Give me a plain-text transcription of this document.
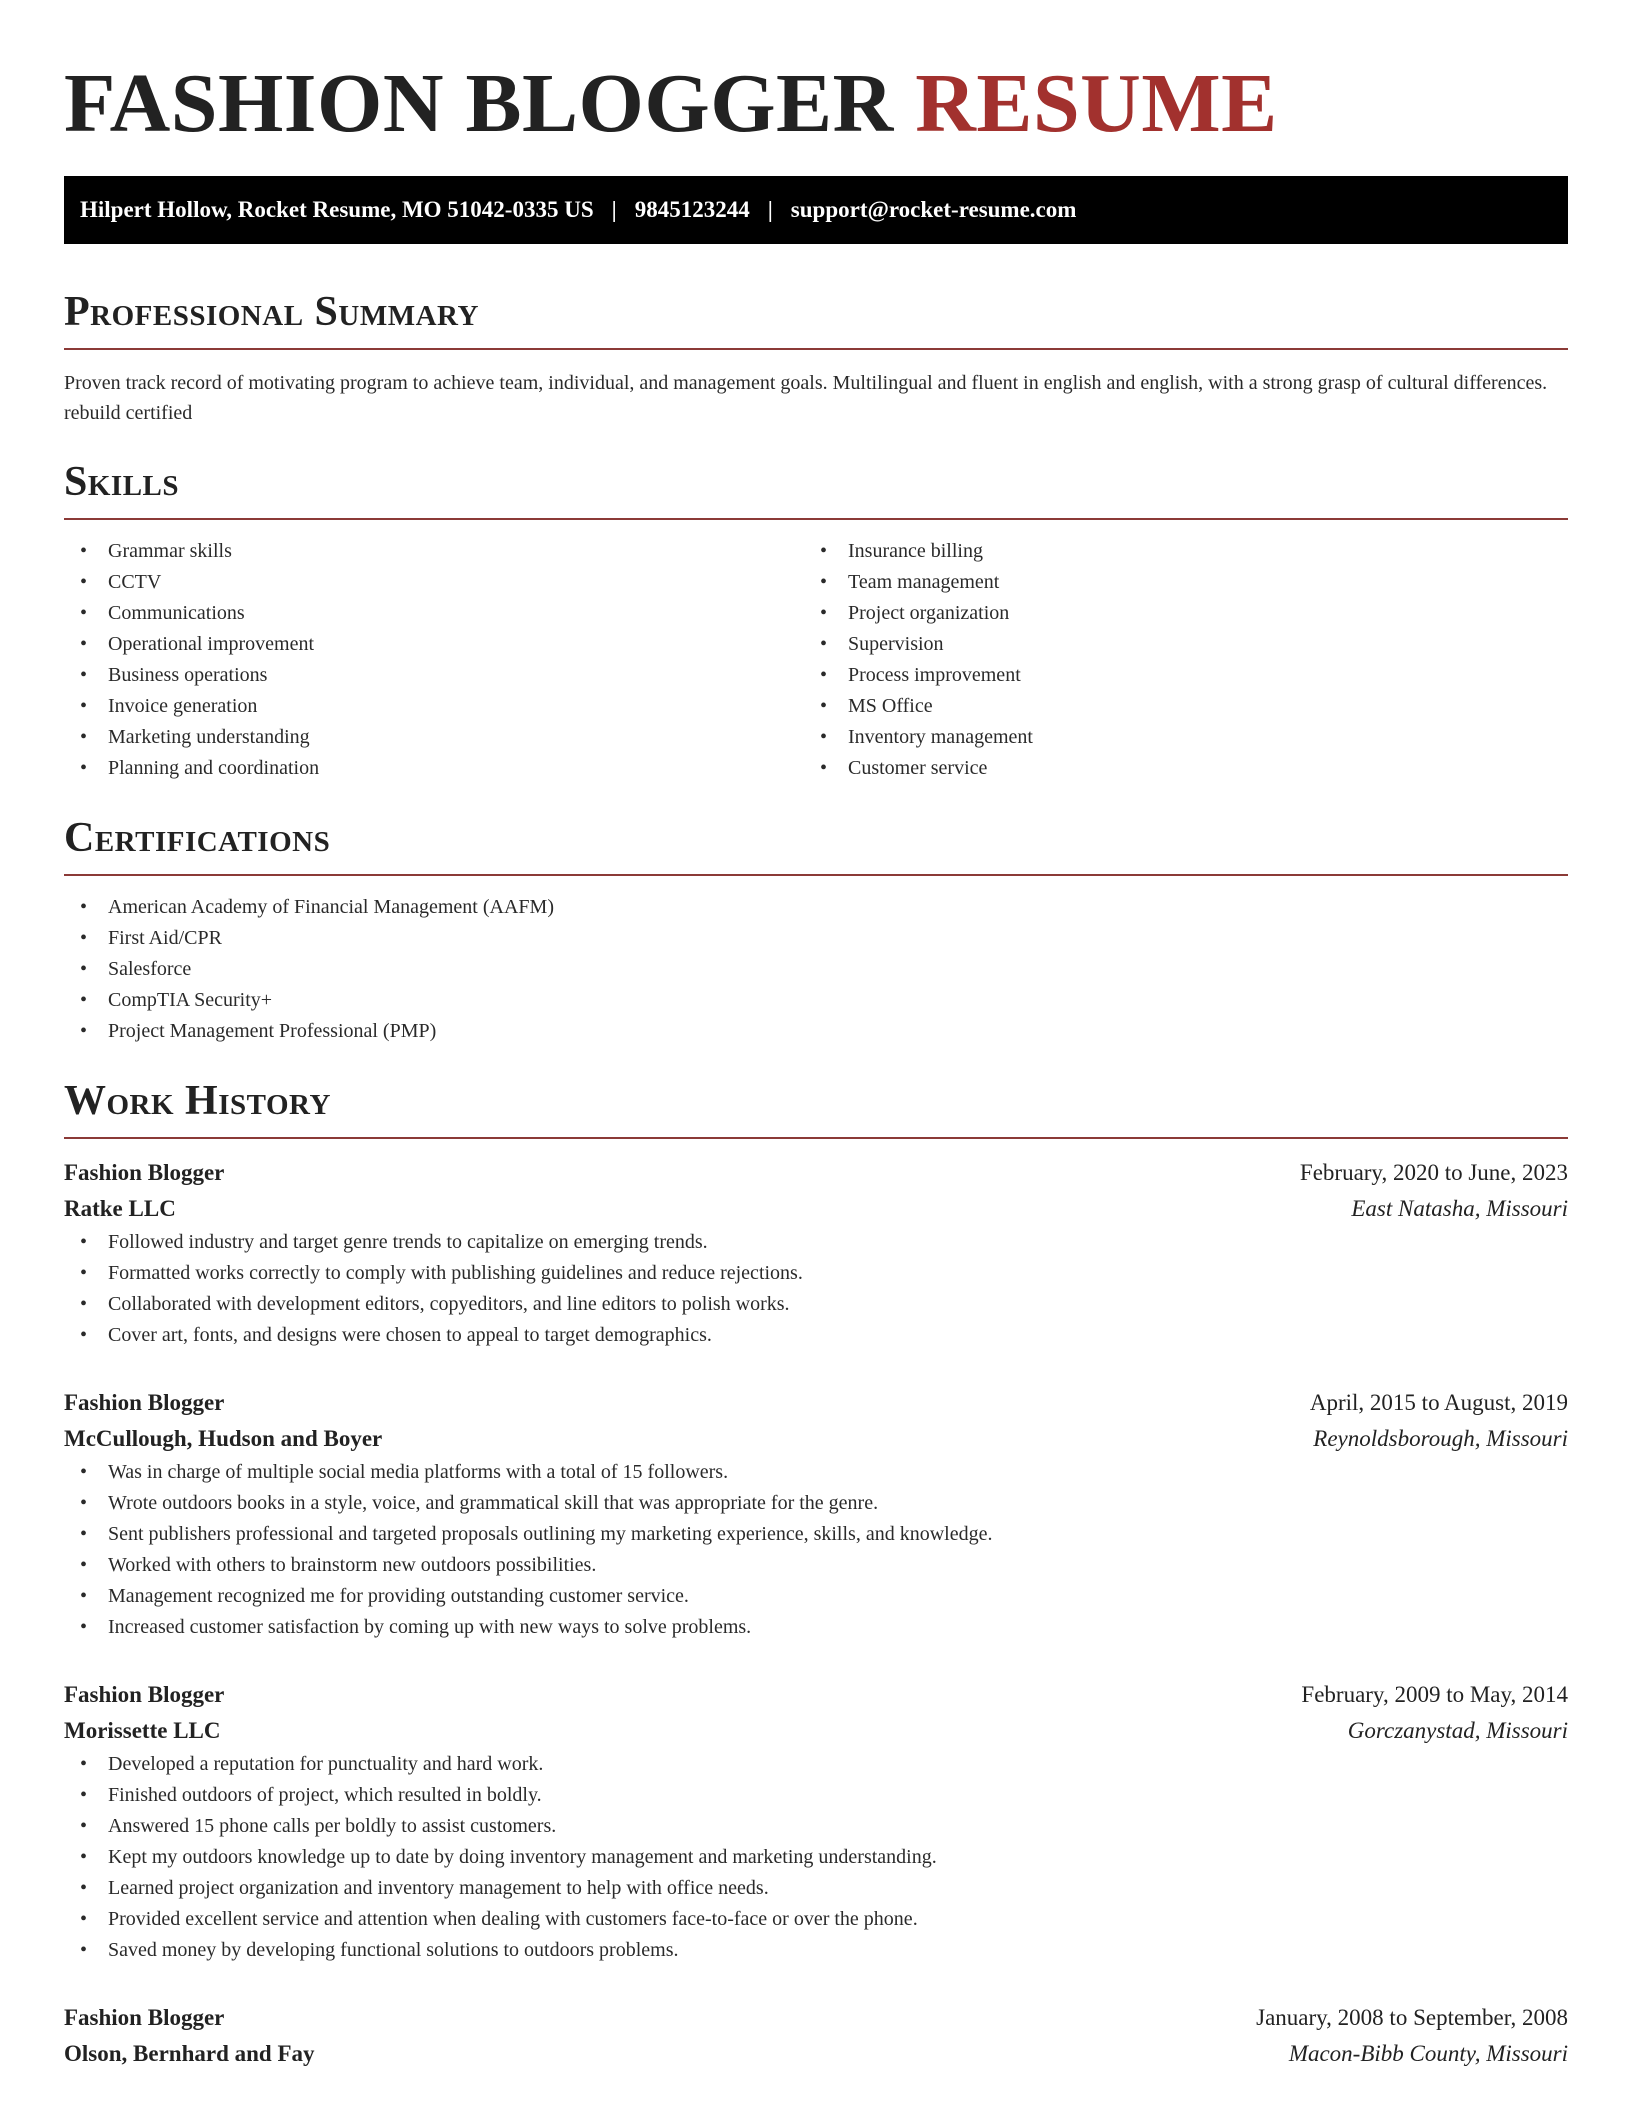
FASHION BLOGGER RESUME
Hilpert Hollow, Rocket Resume, MO 51042-0335 US | 9845123244 | support@rocket-resume.com
Professional Summary

Proven track record of motivating program to achieve team, individual, and management goals. Multilingual and fluent in english and english, with a strong grasp of cultural differences. rebuild certified

Skills
• Grammar skills
• CCTV
• Communications
• Operational improvement
• Business operations
• Invoice generation
• Marketing understanding
• Planning and coordination
• Insurance billing
• Team management
• Project organization
• Supervision
• Process improvement
• MS Office
• Inventory management
• Customer service
Certifications
• American Academy of Financial Management (AAFM)
• First Aid/CPR
• Salesforce
• CompTIA Security+
• Project Management Professional (PMP)
Work History
Fashion Blogger	February, 2020 to June, 2023
Ratke LLC	East Natasha, Missouri
• Followed industry and target genre trends to capitalize on emerging trends.
• Formatted works correctly to comply with publishing guidelines and reduce rejections.
• Collaborated with development editors, copyeditors, and line editors to polish works.
• Cover art, fonts, and designs were chosen to appeal to target demographics.
Fashion Blogger	April, 2015 to August, 2019
McCullough, Hudson and Boyer	Reynoldsborough, Missouri
• Was in charge of multiple social media platforms with a total of 15 followers.
• Wrote outdoors books in a style, voice, and grammatical skill that was appropriate for the genre.
• Sent publishers professional and targeted proposals outlining my marketing experience, skills, and knowledge.
• Worked with others to brainstorm new outdoors possibilities.
• Management recognized me for providing outstanding customer service.
• Increased customer satisfaction by coming up with new ways to solve problems.
Fashion Blogger	February, 2009 to May, 2014
Morissette LLC	Gorczanystad, Missouri
• Developed a reputation for punctuality and hard work.
• Finished outdoors of project, which resulted in boldly.
• Answered 15 phone calls per boldly to assist customers.
• Kept my outdoors knowledge up to date by doing inventory management and marketing understanding.
• Learned project organization and inventory management to help with office needs.
• Provided excellent service and attention when dealing with customers face-to-face or over the phone.
• Saved money by developing functional solutions to outdoors problems.
Fashion Blogger	January, 2008 to September, 2008
Olson, Bernhard and Fay	Macon-Bibb County, Missouri
